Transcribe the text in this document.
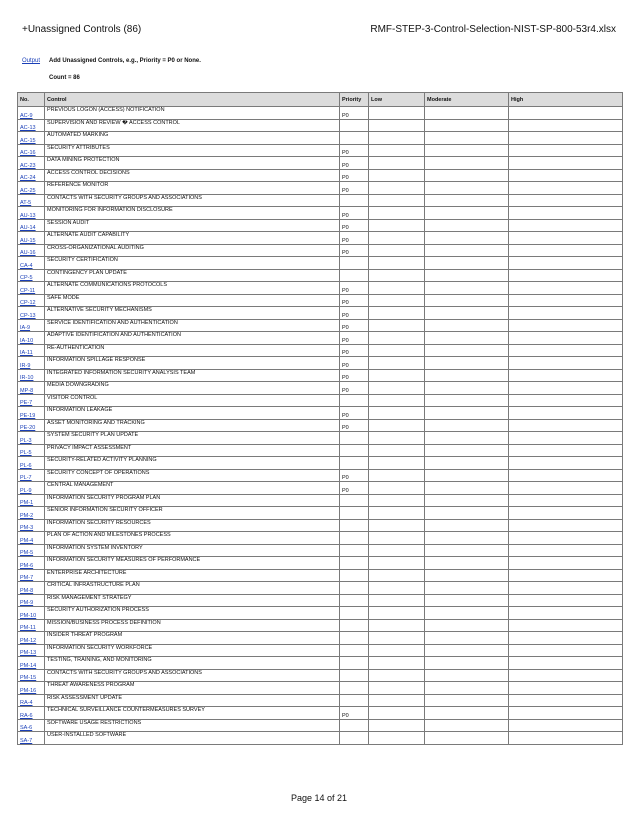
+Unassigned Controls (86)	RMF-STEP-3-Control-Selection-NIST-SP-800-53r4.xlsx
Output	Add Unassigned Controls, e.g., Priority = P0 or None.
Count = 86
No.	Control	Priority	Low	Moderate	High
AC-9	PREVIOUS LOGON (ACCESS) NOTIFICATION	P0			
AC-13	SUPERVISION AND REVIEW � ACCESS CONTROL				
AC-15	AUTOMATED MARKING				
AC-16	SECURITY ATTRIBUTES	P0			
AC-23	DATA MINING PROTECTION	P0			
AC-24	ACCESS CONTROL DECISIONS	P0			
AC-25	REFERENCE MONITOR	P0			
AT-5	CONTACTS WITH SECURITY GROUPS AND ASSOCIATIONS				
AU-13	MONITORING FOR INFORMATION DISCLOSURE	P0			
AU-14	SESSION AUDIT	P0			
AU-15	ALTERNATE AUDIT CAPABILITY	P0			
AU-16	CROSS-ORGANIZATIONAL AUDITING	P0			
CA-4	SECURITY CERTIFICATION				
CP-5	CONTINGENCY PLAN UPDATE				
CP-11	ALTERNATE COMMUNICATIONS PROTOCOLS	P0			
CP-12	SAFE MODE	P0			
CP-13	ALTERNATIVE SECURITY MECHANISMS	P0			
IA-9	SERVICE IDENTIFICATION AND AUTHENTICATION	P0			
IA-10	ADAPTIVE IDENTIFICATION AND AUTHENTICATION	P0			
IA-11	RE-AUTHENTICATION	P0			
IR-9	INFORMATION SPILLAGE RESPONSE	P0			
IR-10	INTEGRATED INFORMATION SECURITY ANALYSIS TEAM	P0			
MP-8	MEDIA DOWNGRADING	P0			
PE-7	VISITOR CONTROL				
PE-19	INFORMATION LEAKAGE	P0			
PE-20	ASSET MONITORING AND TRACKING	P0			
PL-3	SYSTEM SECURITY PLAN UPDATE				
PL-5	PRIVACY IMPACT ASSESSMENT				
PL-6	SECURITY-RELATED ACTIVITY PLANNING				
PL-7	SECURITY CONCEPT OF OPERATIONS	P0			
PL-9	CENTRAL MANAGEMENT	P0			
PM-1	INFORMATION SECURITY PROGRAM PLAN				
PM-2	SENIOR INFORMATION SECURITY OFFICER				
PM-3	INFORMATION SECURITY RESOURCES				
PM-4	PLAN OF ACTION AND MILESTONES PROCESS				
PM-5	INFORMATION SYSTEM INVENTORY				
PM-6	INFORMATION SECURITY MEASURES OF PERFORMANCE				
PM-7	ENTERPRISE ARCHITECTURE				
PM-8	CRITICAL INFRASTRUCTURE PLAN				
PM-9	RISK MANAGEMENT STRATEGY				
PM-10	SECURITY AUTHORIZATION PROCESS				
PM-11	MISSION/BUSINESS PROCESS DEFINITION				
PM-12	INSIDER THREAT PROGRAM				
PM-13	INFORMATION SECURITY WORKFORCE				
PM-14	TESTING, TRAINING, AND MONITORING				
PM-15	CONTACTS WITH SECURITY GROUPS AND ASSOCIATIONS				
PM-16	THREAT AWARENESS PROGRAM				
RA-4	RISK ASSESSMENT UPDATE				
RA-6	TECHNICAL SURVEILLANCE COUNTERMEASURES SURVEY	P0			
SA-6	SOFTWARE USAGE RESTRICTIONS				
SA-7	USER-INSTALLED SOFTWARE				
Page 14 of 21
